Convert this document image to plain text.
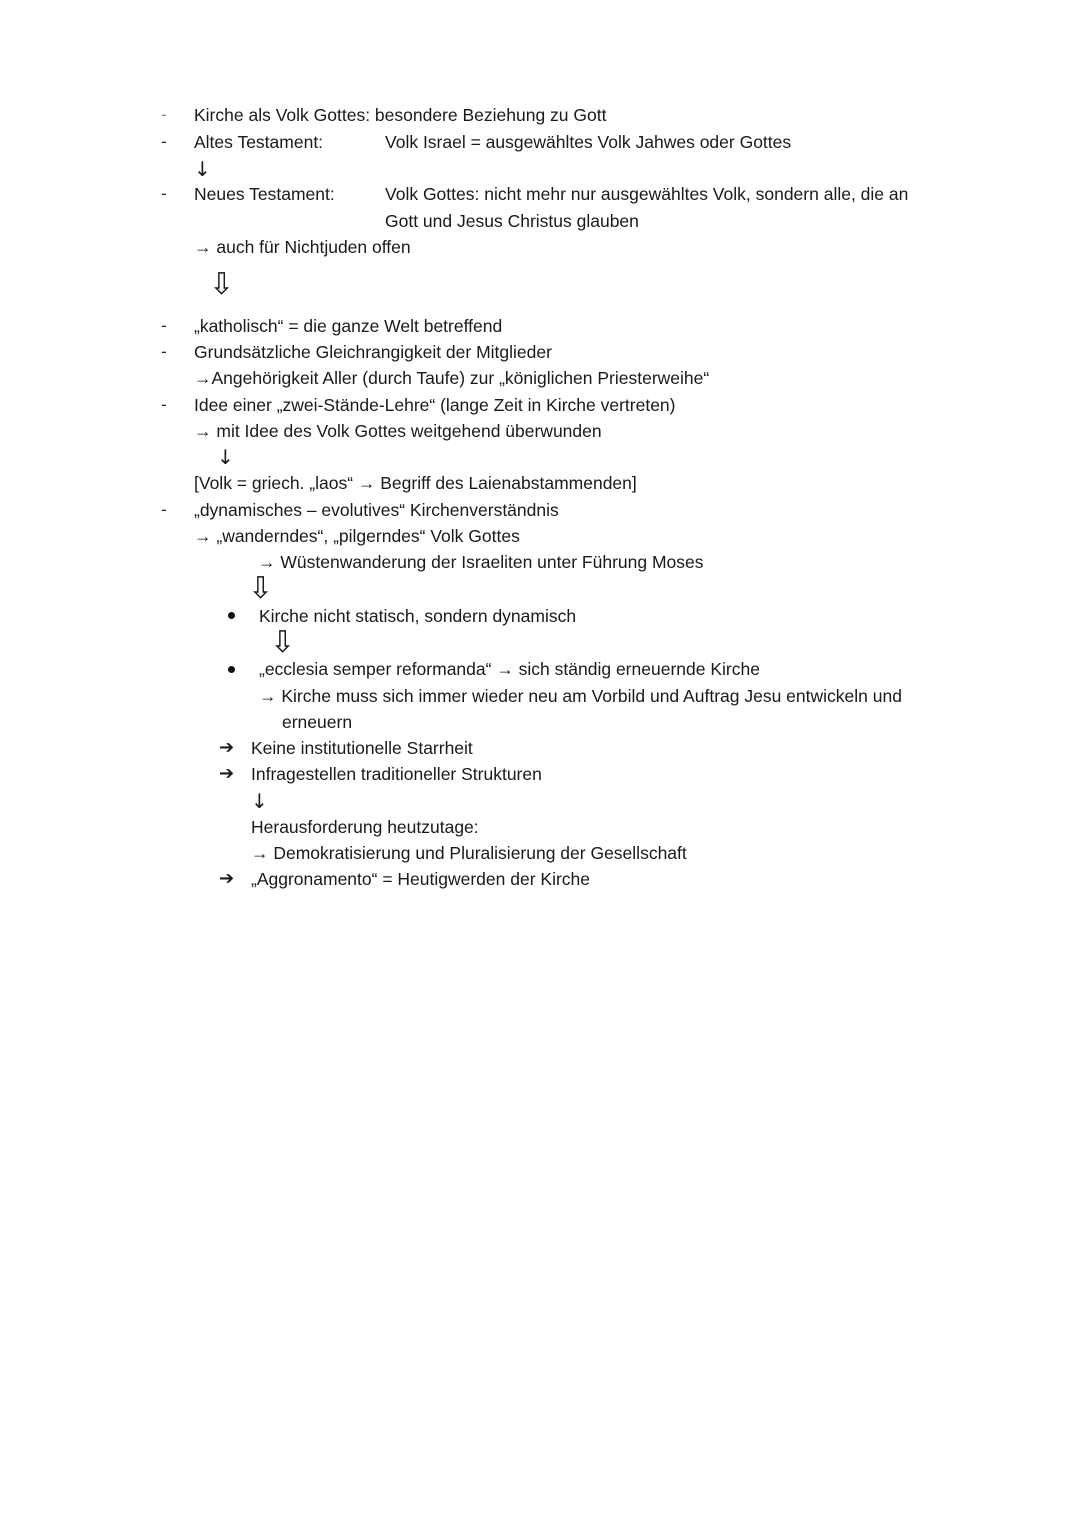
-
-
-
-
-
-
-
Kirche als Volk Gottes: besondere Beziehung zu Gott
Altes Testament:	Volk Israel = ausgewähltes Volk Jahwes oder Gottes
↓
Neues Testament:	Volk Gottes: nicht mehr nur ausgewähltes Volk, sondern alle, die an
Gott und Jesus Christus glauben
→ auch für Nichtjuden offen
⇩
„katholisch“ = die ganze Welt betreffend
Grundsätzliche Gleichrangigkeit der Mitglieder
→Angehörigkeit Aller (durch Taufe) zur „königlichen Priesterweihe“
Idee einer „zwei-Stände-Lehre“ (lange Zeit in Kirche vertreten)
→ mit Idee des Volk Gottes weitgehend überwunden
↓
[Volk = griech. „laos“ → Begriff des Laienabstammenden]
„dynamisches – evolutives“ Kirchenverständnis
→ „wanderndes“, „pilgerndes“ Volk Gottes
→ Wüstenwanderung der Israeliten unter Führung Moses
⇩
Kirche nicht statisch, sondern dynamisch
⇩
„ecclesia semper reformanda“ → sich ständig erneuernde Kirche
→ Kirche muss sich immer wieder neu am Vorbild und Auftrag Jesu entwickeln und
erneuern
➔ Keine institutionelle Starrheit
➔ Infragestellen traditioneller Strukturen
↓
Herausforderung heutzutage:
→ Demokratisierung und Pluralisierung der Gesellschaft
➔ „Aggronamento“ = Heutigwerden der Kirche
